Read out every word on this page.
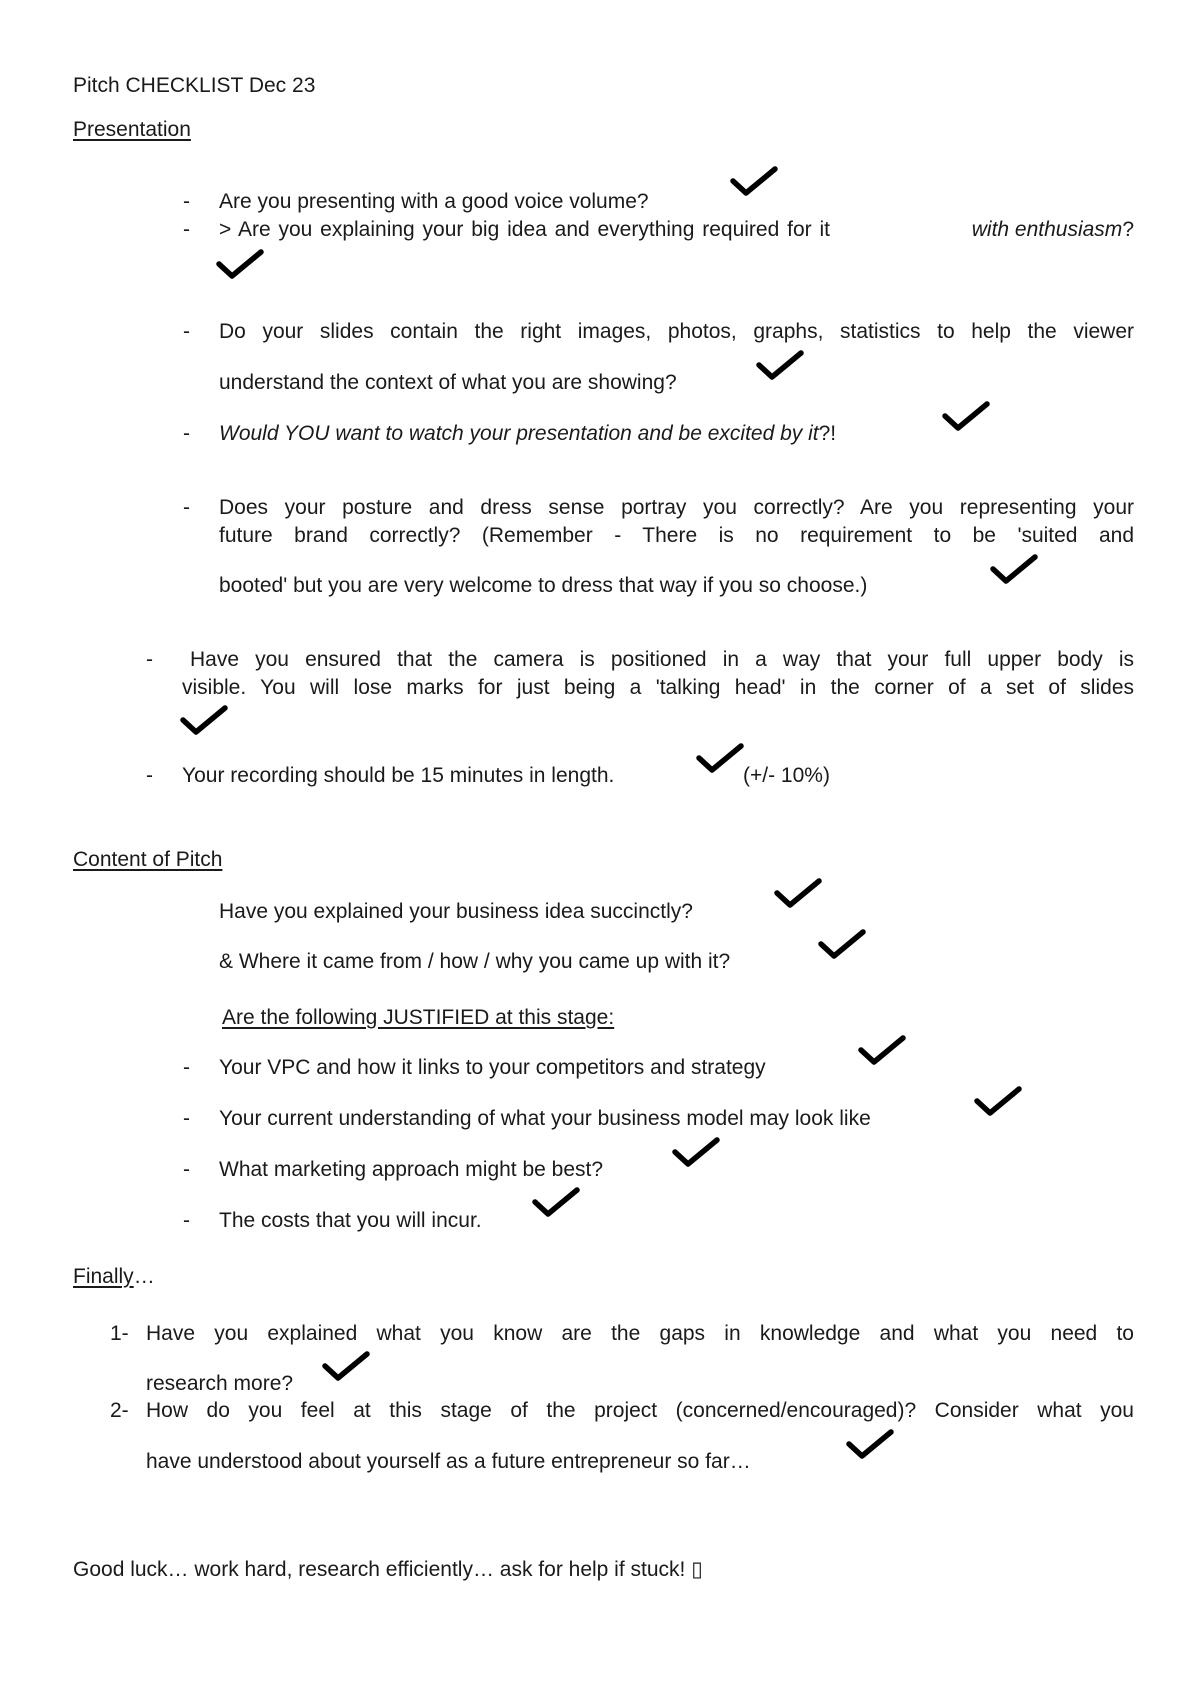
Pitch CHECKLIST Dec 23
Presentation
- Are you presenting with a good voice volume?
- > Are you explaining your big idea and everything required for it	with enthusiasm?
- Do your slides contain the right images, photos, graphs, statistics to help the viewer
understand the context of what you are showing?
- Would YOU want to watch your presentation and be excited by it?!
- Does your posture and dress sense portray you correctly? Are you representing your
future brand correctly? (Remember - There is no requirement to be 'suited and
booted' but you are very welcome to dress that way if you so choose.)
- Have you ensured that the camera is positioned in a way that your full upper body is
visible. You will lose marks for just being a 'talking head' in the corner of a set of slides
- Your recording should be 15 minutes in length.	(+/- 10%)
Content of Pitch
Have you explained your business idea succinctly?
& Where it came from / how / why you came up with it?
Are the following JUSTIFIED at this stage:
- Your VPC and how it links to your competitors and strategy
- Your current understanding of what your business model may look like
- What marketing approach might be best?
- The costs that you will incur.
Finally…
1- Have you explained what you know are the gaps in knowledge and what you need to
research more?
2- How do you feel at this stage of the project (concerned/encouraged)? Consider what you
have understood about yourself as a future entrepreneur so far…
Good luck… work hard, research efficiently… ask for help if stuck! ▯
